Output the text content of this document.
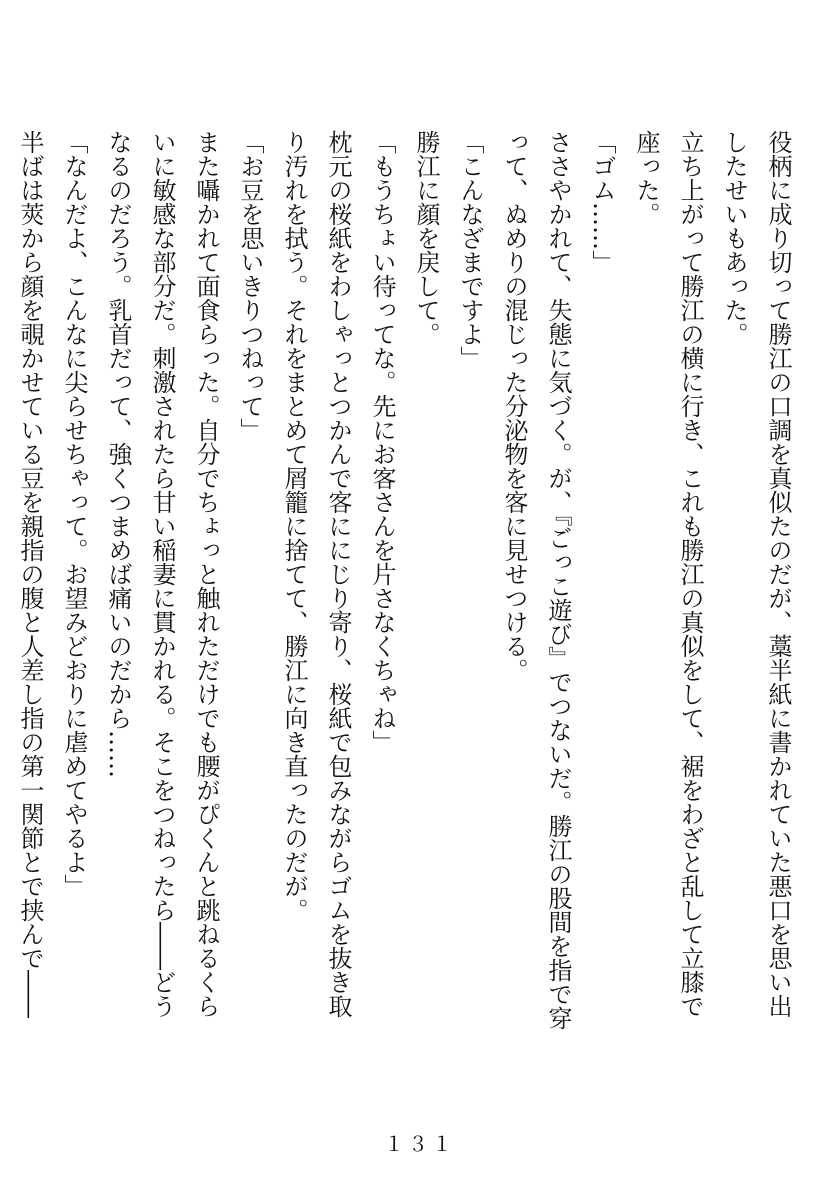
役柄に成り切って勝江の口調を真似たのだが、藁半紙に書かれていた悪口を思い出したせいもあった。
立ち上がって勝江の横に行き、これも勝江の真似をして、裾をわざと乱して立膝で座った。
「ゴム……」
ささやかれて、失態に気づく。が、『ごっこ遊び』でつないだ。勝江の股間を指で穿って、ぬめりの混じった分泌物を客に見せつける。
「こんなざまですよ」
勝江に顔を戻して。
「もうちょい待ってな。先にお客さんを片さなくちゃね」
枕元の桜紙をわしゃっとつかんで客ににじり寄り、桜紙で包みながらゴムを抜き取り汚れを拭う。それをまとめて屑籠に捨てて、勝江に向き直ったのだが。
「お豆を思いきりつねって」
また囁かれて面食らった。自分でちょっと触れただけでも腰がぴくんと跳ねるくらいに敏感な部分だ。刺激されたら甘い稲妻に貫かれる。そこをつねったら――どうなるのだろう。乳首だって、強くつまめば痛いのだから……
「なんだよ、こんなに尖らせちゃって。お望みどおりに虐めてやるよ」
半ばは莢から顔を覗かせている豆を親指の腹と人差し指の第一関節とで挟んで――
１３１
